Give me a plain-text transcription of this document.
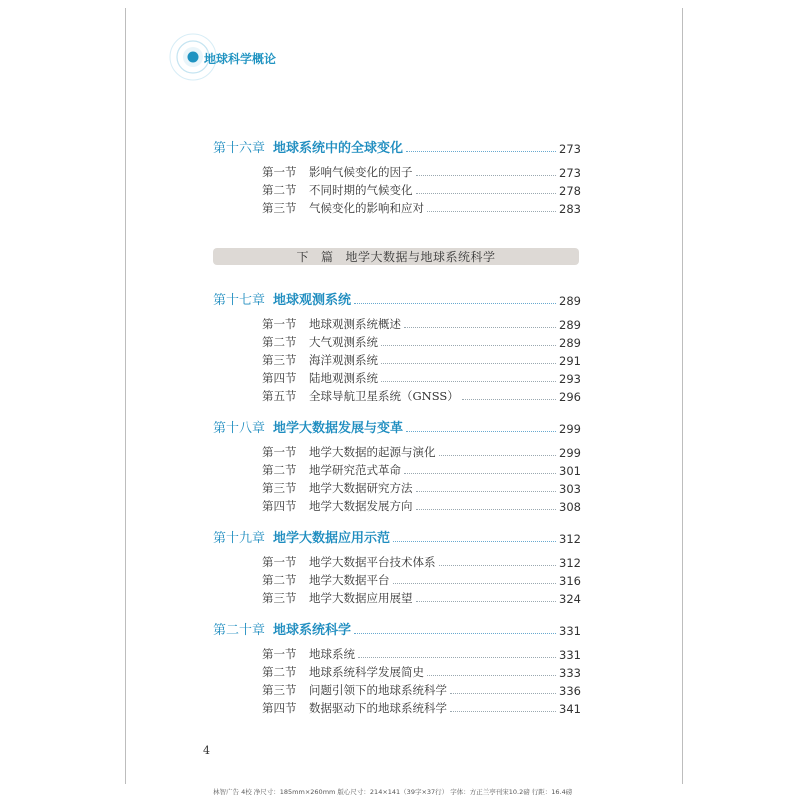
地球科学概论
第十六章 地球系统中的全球变化	273
第一节	影响气候变化的因子	273
第二节	不同时期的气候变化	278
第三节	气候变化的影响和应对	283
第十七章 地球观测系统	289
第一节	地球观测系统概述	289
第二节	大气观测系统	289
第三节	海洋观测系统	291
第四节	陆地观测系统	293
第五节	全球导航卫星系统（GNSS）	296
第十八章 地学大数据发展与变革	299
第一节	地学大数据的起源与演化	299
第二节	地学研究范式革命	301
第三节	地学大数据研究方法	303
第四节	地学大数据发展方向	308
第十九章 地学大数据应用示范	312
第一节	地学大数据平台技术体系	312
第二节	地学大数据平台	316
第三节	地学大数据应用展望	324
第二十章 地球系统科学	331
第一节	地球系统	331
第二节	地球系统科学发展简史	333
第三节	问题引领下的地球系统科学	336
第四节	数据驱动下的地球系统科学	341
下 篇 地学大数据与地球系统科学
4
林智广告 4校 净尺寸：185mm×260mm 版心尺寸：214×141（39字×37行） 字体：方正兰亭刊宋10.2磅 行距：16.4磅
